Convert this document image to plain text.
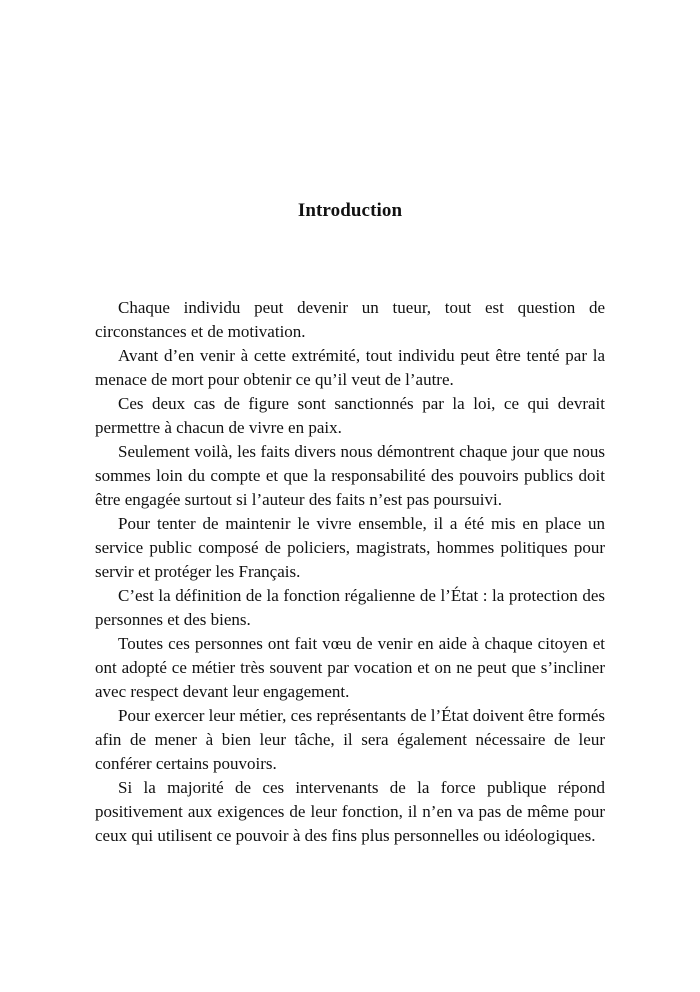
Introduction

Chaque individu peut devenir un tueur, tout est question de circonstances et de motivation.

Avant d’en venir à cette extrémité, tout individu peut être tenté par la menace de mort pour obtenir ce qu’il veut de l’autre.

Ces deux cas de figure sont sanctionnés par la loi, ce qui devrait permettre à chacun de vivre en paix.

Seulement voilà, les faits divers nous démontrent chaque jour que nous sommes loin du compte et que la responsabilité des pouvoirs publics doit être engagée surtout si l’auteur des faits n’est pas poursuivi.

Pour tenter de maintenir le vivre ensemble, il a été mis en place un service public composé de policiers, magistrats, hommes politiques pour servir et protéger les Français.

C’est la définition de la fonction régalienne de l’État : la protection des personnes et des biens.

Toutes ces personnes ont fait vœu de venir en aide à chaque citoyen et ont adopté ce métier très souvent par vocation et on ne peut que s’incliner avec respect devant leur engagement.

Pour exercer leur métier, ces représentants de l’État doivent être formés afin de mener à bien leur tâche, il sera également nécessaire de leur conférer certains pouvoirs.

Si la majorité de ces intervenants de la force publique répond positivement aux exigences de leur fonction, il n’en va pas de même pour ceux qui utilisent ce pouvoir à des fins plus personnelles ou idéologiques.
